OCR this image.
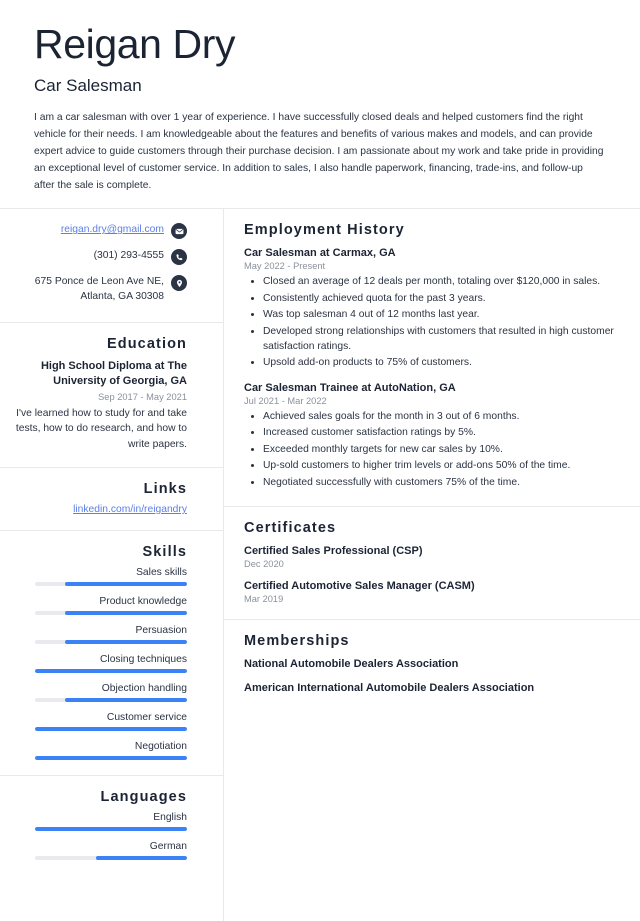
Reigan Dry
Car Salesman

I am a car salesman with over 1 year of experience. I have successfully closed deals and helped customers find the right vehicle for their needs. I am knowledgeable about the features and benefits of various makes and models, and can provide expert advice to guide customers through their purchase decision. I am passionate about my work and take pride in providing an exceptional level of customer service. In addition to sales, I also handle paperwork, financing, trade-ins, and follow-up after the sale is complete.

reigan.dry@gmail.com
(301) 293-4555
675 Ponce de Leon Ave NE, Atlanta, GA 30308
Education
High School Diploma at The University of Georgia, GA
Sep 2017 - May 2021
I've learned how to study for and take tests, how to do research, and how to write papers.
Links
linkedin.com/in/reigandry
Skills
Sales skills
Product knowledge
Persuasion
Closing techniques
Objection handling
Customer service
Negotiation
Languages
English
German
Employment History
Car Salesman at Carmax, GA
May 2022 - Present
• Closed an average of 12 deals per month, totaling over $120,000 in sales.
• Consistently achieved quota for the past 3 years.
• Was top salesman 4 out of 12 months last year.
• Developed strong relationships with customers that resulted in high customer satisfaction ratings.
• Upsold add-on products to 75% of customers.
Car Salesman Trainee at AutoNation, GA
Jul 2021 - Mar 2022
• Achieved sales goals for the month in 3 out of 6 months.
• Increased customer satisfaction ratings by 5%.
• Exceeded monthly targets for new car sales by 10%.
• Up-sold customers to higher trim levels or add-ons 50% of the time.
• Negotiated successfully with customers 75% of the time.
Certificates
Certified Sales Professional (CSP)
Dec 2020
Certified Automotive Sales Manager (CASM)
Mar 2019
Memberships
National Automobile Dealers Association
American International Automobile Dealers Association
